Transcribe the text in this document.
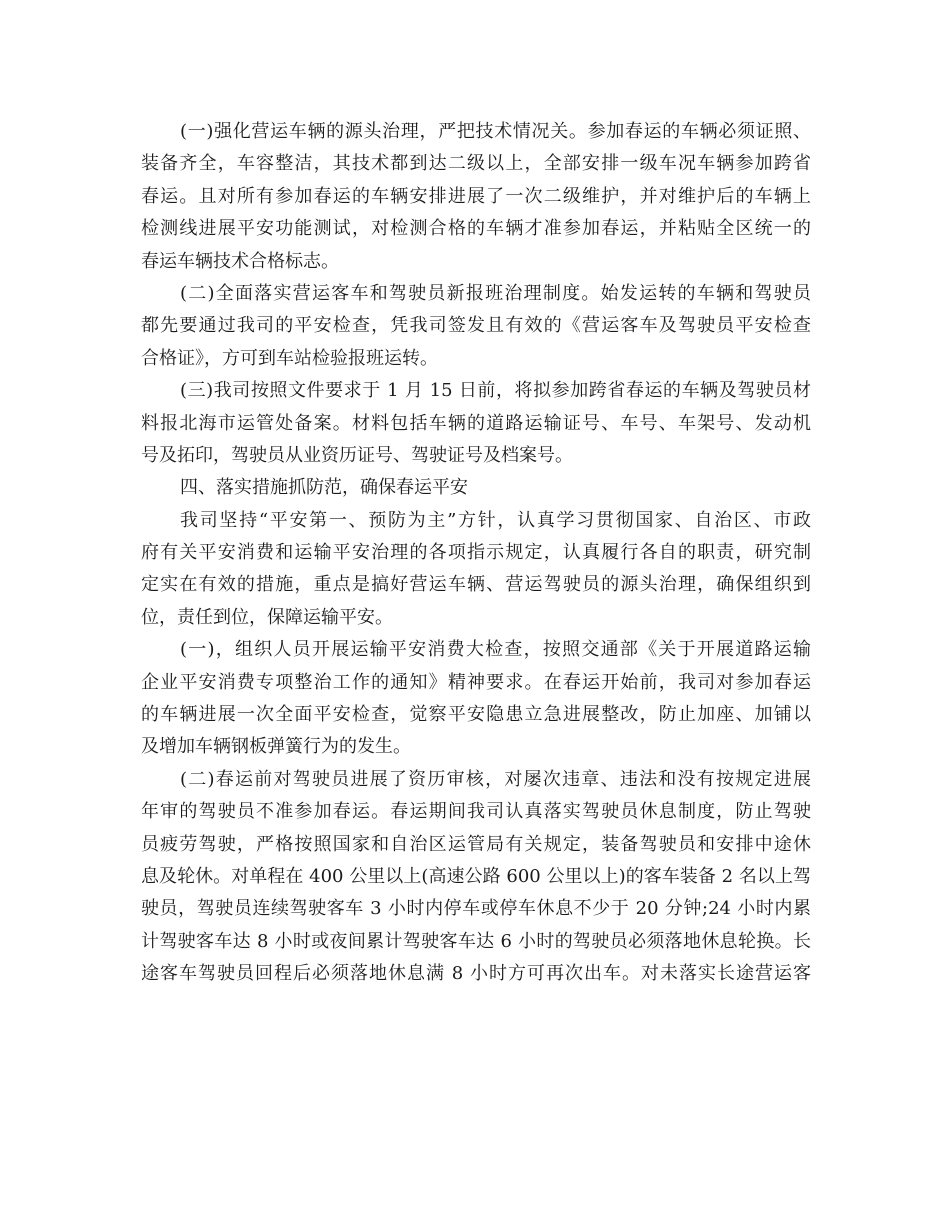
(一)强化营运车辆的源头治理，严把技术情况关。参加春运的车辆必须证照、
装备齐全，车容整洁，其技术都到达二级以上，全部安排一级车况车辆参加跨省
春运。且对所有参加春运的车辆安排进展了一次二级维护，并对维护后的车辆上
检测线进展平安功能测试，对检测合格的车辆才准参加春运，并粘贴全区统一的
春运车辆技术合格标志。
(二)全面落实营运客车和驾驶员新报班治理制度。始发运转的车辆和驾驶员
都先要通过我司的平安检查，凭我司签发且有效的《营运客车及驾驶员平安检查
合格证》，方可到车站检验报班运转。
(三)我司按照文件要求于 1 月 15 日前，将拟参加跨省春运的车辆及驾驶员材
料报北海市运管处备案。材料包括车辆的道路运输证号、车号、车架号、发动机
号及拓印，驾驶员从业资历证号、驾驶证号及档案号。
四、落实措施抓防范，确保春运平安
我司坚持“平安第一、预防为主”方针，认真学习贯彻国家、自治区、市政
府有关平安消费和运输平安治理的各项指示规定，认真履行各自的职责，研究制
定实在有效的措施，重点是搞好营运车辆、营运驾驶员的源头治理，确保组织到
位，责任到位，保障运输平安。
(一)，组织人员开展运输平安消费大检查，按照交通部《关于开展道路运输
企业平安消费专项整治工作的通知》精神要求。在春运开始前，我司对参加春运
的车辆进展一次全面平安检查，觉察平安隐患立急进展整改，防止加座、加铺以
及增加车辆钢板弹簧行为的发生。
(二)春运前对驾驶员进展了资历审核，对屡次违章、违法和没有按规定进展
年审的驾驶员不准参加春运。春运期间我司认真落实驾驶员休息制度，防止驾驶
员疲劳驾驶，严格按照国家和自治区运管局有关规定，装备驾驶员和安排中途休
息及轮休。对单程在 400 公里以上(高速公路 600 公里以上)的客车装备 2 名以上驾
驶员，驾驶员连续驾驶客车 3 小时内停车或停车休息不少于 20 分钟;24 小时内累
计驾驶客车达 8 小时或夜间累计驾驶客车达 6 小时的驾驶员必须落地休息轮换。长
途客车驾驶员回程后必须落地休息满 8 小时方可再次出车。对未落实长途营运客
